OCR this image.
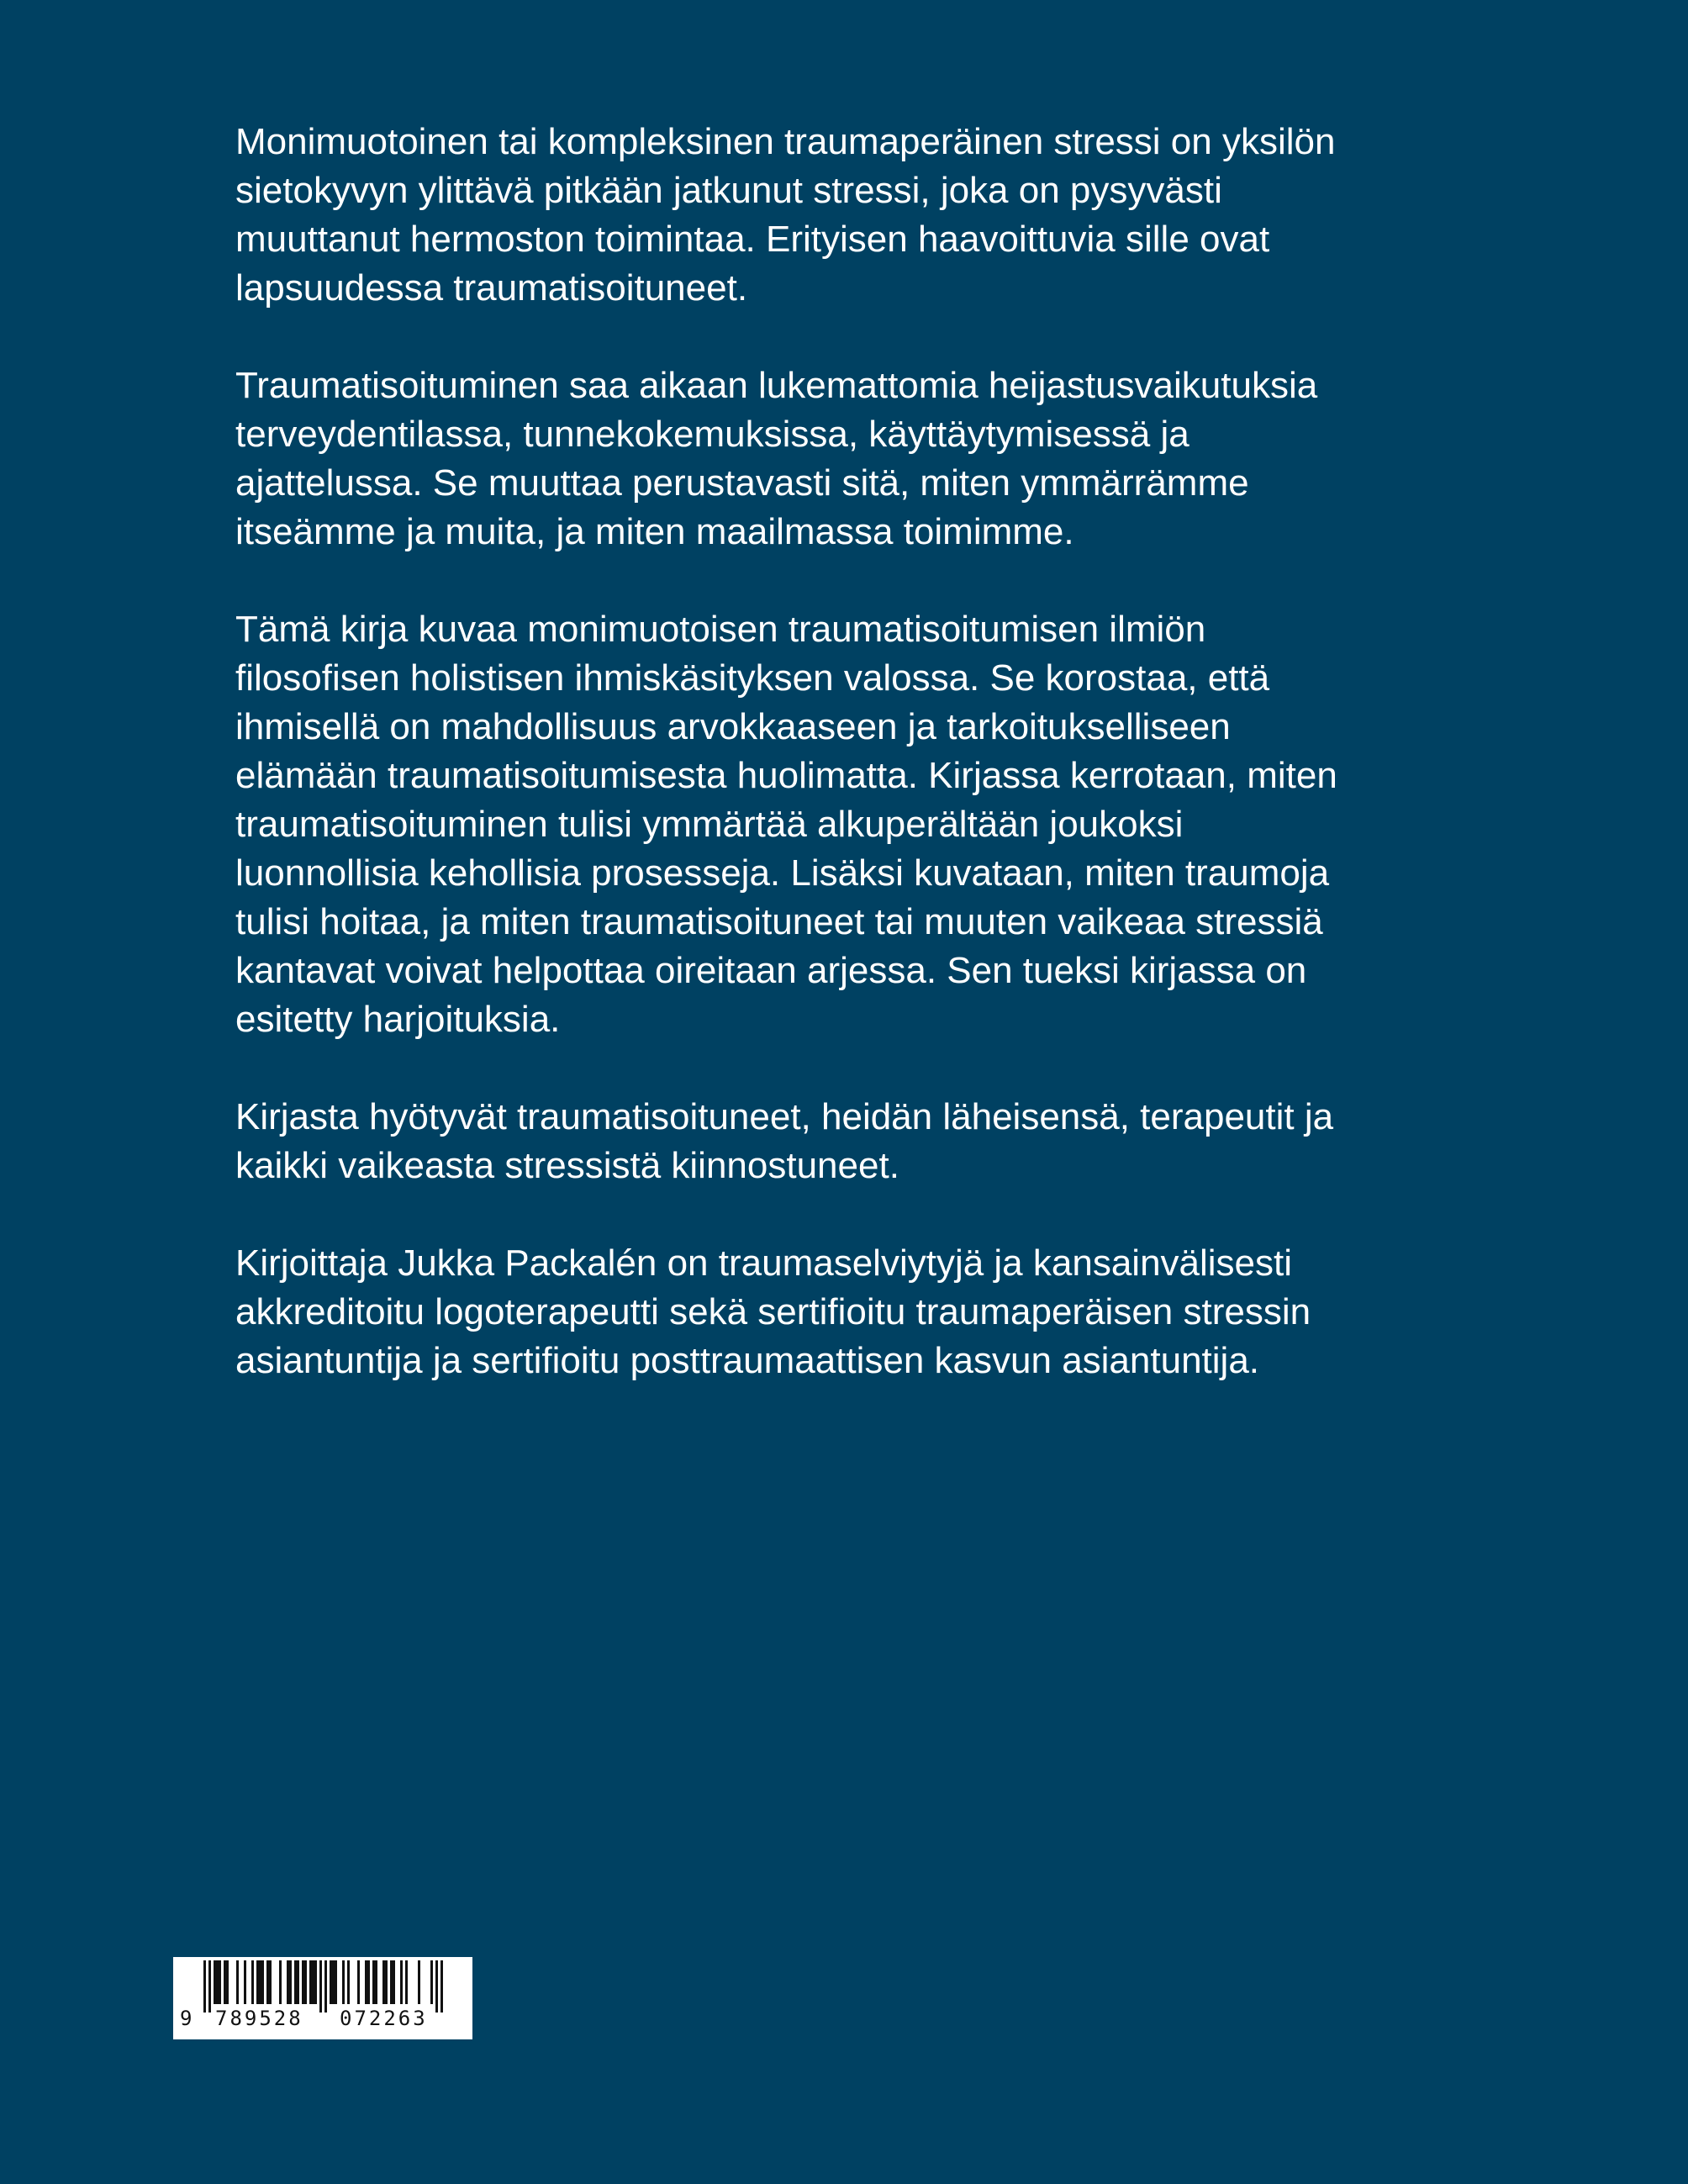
Monimuotoinen tai kompleksinen traumaperäinen stressi on yksilön
sietokyvyn ylittävä pitkään jatkunut stressi, joka on pysyvästi
muuttanut hermoston toimintaa. Erityisen haavoittuvia sille ovat
lapsuudessa traumatisoituneet.

Traumatisoituminen saa aikaan lukemattomia heijastusvaikutuksia
terveydentilassa, tunnekokemuksissa, käyttäytymisessä ja
ajattelussa. Se muuttaa perustavasti sitä, miten ymmärrämme
itseämme ja muita, ja miten maailmassa toimimme.

Tämä kirja kuvaa monimuotoisen traumatisoitumisen ilmiön
filosofisen holistisen ihmiskäsityksen valossa. Se korostaa, että
ihmisellä on mahdollisuus arvokkaaseen ja tarkoitukselliseen
elämään traumatisoitumisesta huolimatta. Kirjassa kerrotaan, miten
traumatisoituminen tulisi ymmärtää alkuperältään joukoksi
luonnollisia kehollisia prosesseja. Lisäksi kuvataan, miten traumoja
tulisi hoitaa, ja miten traumatisoituneet tai muuten vaikeaa stressiä
kantavat voivat helpottaa oireitaan arjessa. Sen tueksi kirjassa on
esitetty harjoituksia.

Kirjasta hyötyvät traumatisoituneet, heidän läheisensä, terapeutit ja
kaikki vaikeasta stressistä kiinnostuneet.

Kirjoittaja Jukka Packalén on traumaselviytyjä ja kansainvälisesti
akkreditoitu logoterapeutti sekä sertifioitu traumaperäisen stressin
asiantuntija ja sertifioitu posttraumaattisen kasvun asiantuntija.

9 789528 072263
